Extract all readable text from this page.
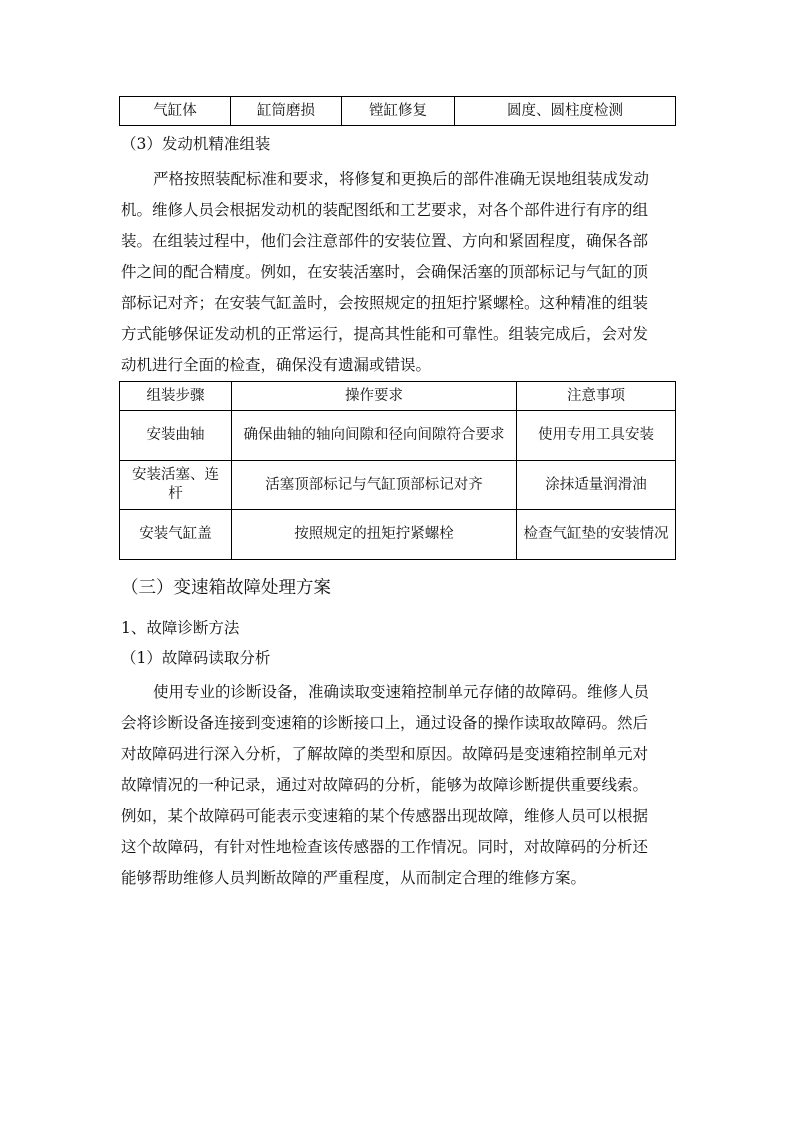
气缸体	缸筒磨损	镗缸修复	圆度、圆柱度检测

（3）发动机精准组装

严格按照装配标准和要求，将修复和更换后的部件准确无误地组装成发动

机。维修人员会根据发动机的装配图纸和工艺要求，对各个部件进行有序的组

装。在组装过程中，他们会注意部件的安装位置、方向和紧固程度，确保各部

件之间的配合精度。例如，在安装活塞时，会确保活塞的顶部标记与气缸的顶

部标记对齐；在安装气缸盖时，会按照规定的扭矩拧紧螺栓。这种精准的组装

方式能够保证发动机的正常运行，提高其性能和可靠性。组装完成后，会对发

动机进行全面的检查，确保没有遗漏或错误。

组装步骤	操作要求	注意事项
安装曲轴	确保曲轴的轴向间隙和径向间隙符合要求	使用专用工具安装
安装活塞、连杆	活塞顶部标记与气缸顶部标记对齐	涂抹适量润滑油
安装气缸盖	按照规定的扭矩拧紧螺栓	检查气缸垫的安装情况

（三）变速箱故障处理方案

1、故障诊断方法

（1）故障码读取分析

使用专业的诊断设备，准确读取变速箱控制单元存储的故障码。维修人员

会将诊断设备连接到变速箱的诊断接口上，通过设备的操作读取故障码。然后

对故障码进行深入分析，了解故障的类型和原因。故障码是变速箱控制单元对

故障情况的一种记录，通过对故障码的分析，能够为故障诊断提供重要线索。

例如，某个故障码可能表示变速箱的某个传感器出现故障，维修人员可以根据

这个故障码，有针对性地检查该传感器的工作情况。同时，对故障码的分析还

能够帮助维修人员判断故障的严重程度，从而制定合理的维修方案。
